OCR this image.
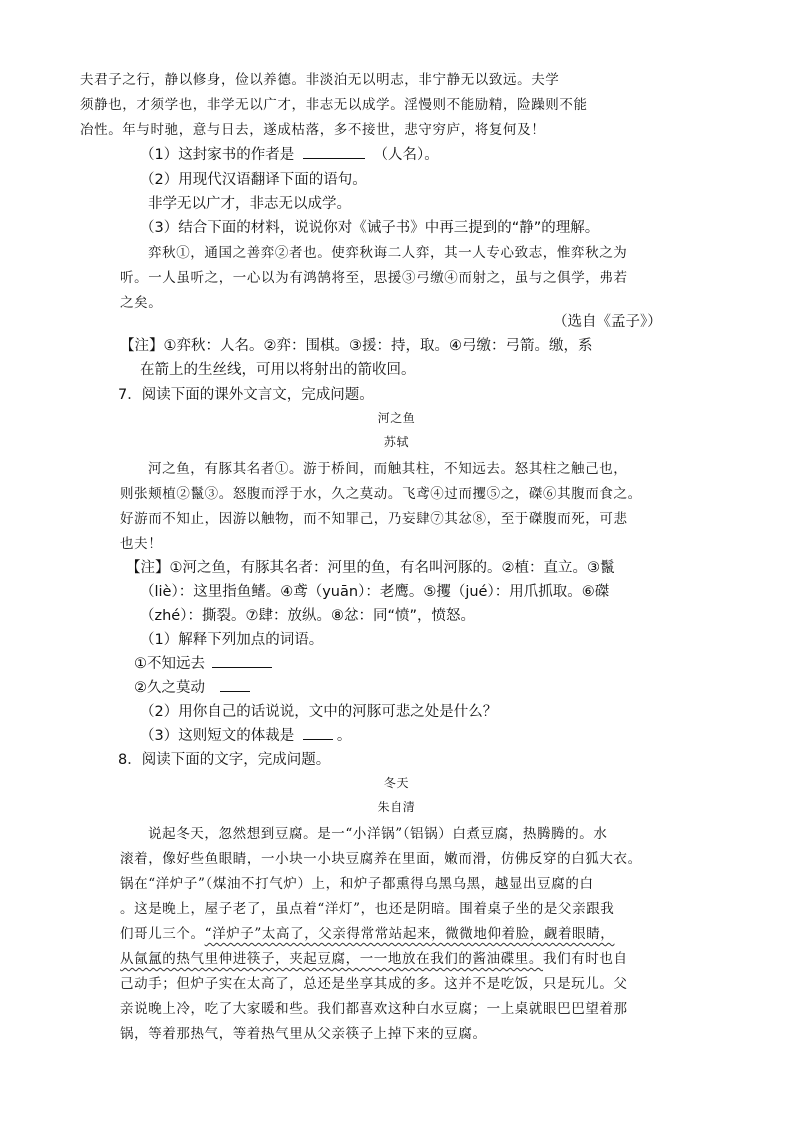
夫君子之行，静以修身，俭以养德。非淡泊无以明志，非宁静无以致远。夫学
须静也，才须学也，非学无以广才，非志无以成学。淫慢则不能励精，险躁则不能
冶性。年与时驰，意与日去，遂成枯落，多不接世，悲守穷庐，将复何及！
（1）这封家书的作者是	（人名）。
（2）用现代汉语翻译下面的语句。
非学无以广才，非志无以成学。
（3）结合下面的材料，说说你对《诫子书》中再三提到的“静”的理解。
弈秋①，通国之善弈②者也。使弈秋诲二人弈，其一人专心致志，惟弈秋之为
听。一人虽听之，一心以为有鸿鹄将至，思援③弓缴④而射之，虽与之俱学，弗若
之矣。
（选自《孟子》）
【注】①弈秋：人名。②弈：围棋。③援：持，取。④弓缴：弓箭。缴，系
在箭上的生丝线，可用以将射出的箭收回。
7．阅读下面的课外文言文，完成问题。
河之鱼
苏轼
河之鱼，有豚其名者①。游于桥间，而触其柱，不知远去。怒其柱之触己也，
则张颊植②鬣③。怒腹而浮于水，久之莫动。飞鸢④过而攫⑤之，磔⑥其腹而食之。
好游而不知止，因游以触物，而不知罪己，乃妄肆⑦其忿⑧，至于磔腹而死，可悲
也夫！
【注】①河之鱼，有豚其名者：河里的鱼，有名叫河豚的。②植：直立。③鬣
（liè）：这里指鱼鳍。④鸢（yuān）：老鹰。⑤攫（jué）：用爪抓取。⑥磔
（zhé）：撕裂。⑦肆：放纵。⑧忿：同“愤”，愤怒。
（1）解释下列加点的词语。
①不知远去
②久之莫动
（2）用你自己的话说说，文中的河豚可悲之处是什么？
（3）这则短文的体裁是	。
8．阅读下面的文字，完成问题。
冬天
朱自清
说起冬天，忽然想到豆腐。是一“小洋锅”（铝锅）白煮豆腐，热腾腾的。水
滚着，像好些鱼眼睛，一小块一小块豆腐养在里面，嫩而滑，仿佛反穿的白狐大衣。
锅在“洋炉子”（煤油不打气炉）上，和炉子都熏得乌黑乌黑，越显出豆腐的白
。这是晚上，屋子老了，虽点着“洋灯”，也还是阴暗。围着桌子坐的是父亲跟我
们哥儿三个。“洋炉子”太高了，父亲得常常站起来，微微地仰着脸，觑着眼睛，
从氤氲的热气里伸进筷子，夹起豆腐，一一地放在我们的酱油碟里。我们有时也自
己动手；但炉子实在太高了，总还是坐享其成的多。这并不是吃饭，只是玩儿。父
亲说晚上冷，吃了大家暖和些。我们都喜欢这种白水豆腐；一上桌就眼巴巴望着那
锅，等着那热气，等着热气里从父亲筷子上掉下来的豆腐。
